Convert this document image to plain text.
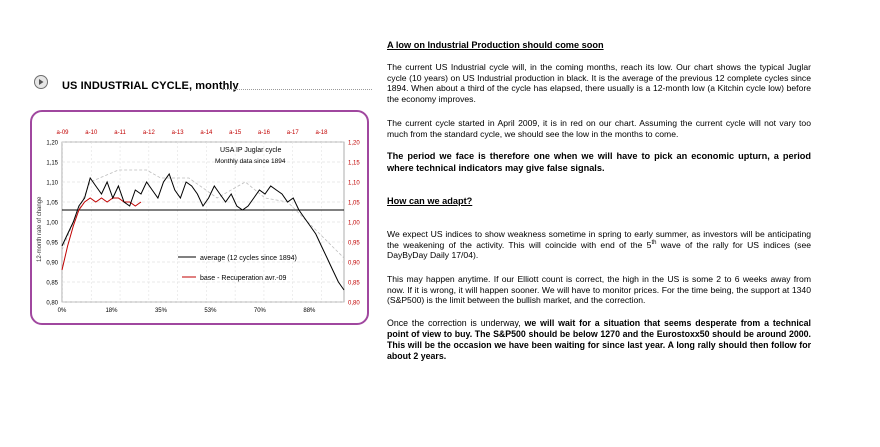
US INDUSTRIAL CYCLE, monthly
1,20	1,20
1,15	1,15
1,10	1,10
1,05	1,05
1,00	1,00
0,95	0,95
0,90	0,90
0,85	0,85
0,80	0,80
a-09	a-10	a-11	a-12	a-13	a-14	a-15	a-16	a-17	a-18
0%	18%	35%	53%	70%	88%
USA IP Juglar cycle
Monthly data since 1894
12-month rate of change	average (12 cycles since 1894)
base - Recuperation avr.-09

A low on Industrial Production should come soon

The current US Industrial cycle will, in the coming months, reach its low. Our chart shows the typical Juglar cycle (10 years) on US Industrial production in black. It is the average of the previous 12 complete cycles since 1894. When about a third of the cycle has elapsed, there usually is a 12-month low (a Kitchin cycle low) before the economy improves.

The current cycle started in April 2009, it is in red on our chart. Assuming the current cycle will not vary too much from the standard cycle, we should see the low in the months to come.

The period we face is therefore one when we will have to pick an economic upturn, a period where technical indicators may give false signals.

How can we adapt?

We expect US indices to show weakness sometime in spring to early summer, as investors will be anticipating the weakening of the activity. This will coincide with end of the 5th wave of the rally for US indices (see DayByDay Daily 17/04).

This may happen anytime. If our Elliott count is correct, the high in the US is some 2 to 6 weeks away from now. If it is wrong, it will happen sooner. We will have to monitor prices. For the time being, the support at 1340 (S&P500) is the limit between the bullish market, and the correction.

Once the correction is underway, we will wait for a situation that seems desperate from a technical point of view to buy. The S&P500 should be below 1270 and the Eurostoxx50 should be around 2000. This will be the occasion we have been waiting for since last year. A long rally should then follow for about 2 years.
